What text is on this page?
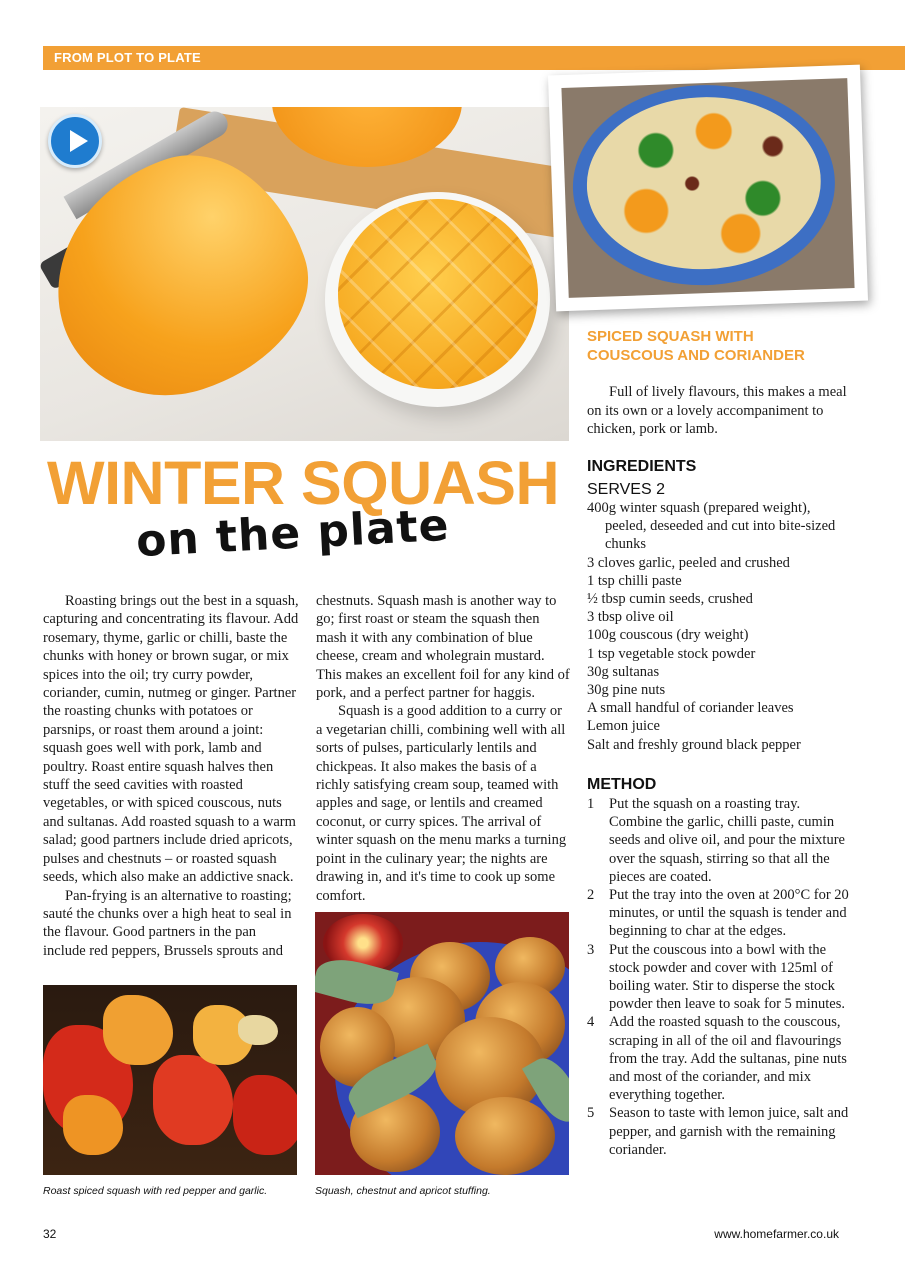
FROM PLOT TO PLATE
SPICED SQUASH WITH
COUSCOUS AND CORIANDER

Full of lively flavours, this makes a meal on its own or a lovely accompaniment to chicken, pork or lamb.

WINTER SQUASH
on the plate

Roasting brings out the best in a squash, capturing and concentrating its flavour. Add rosemary, thyme, garlic or chilli, baste the chunks with honey or brown sugar, or mix spices into the oil; try curry powder, coriander, cumin, nutmeg or ginger. Partner the roasting chunks with potatoes or parsnips, or roast them around a joint: squash goes well with pork, lamb and poultry. Roast entire squash halves then stuff the seed cavities with roasted vegetables, or with spiced couscous, nuts and sultanas. Add roasted squash to a warm salad; good partners include dried apricots, pulses and chestnuts – or roasted squash seeds, which also make an addictive snack.

Pan-frying is an alternative to roasting; sauté the chunks over a high heat to seal in the flavour. Good partners in the pan include red peppers, Brussels sprouts and

chestnuts. Squash mash is another way to go; first roast or steam the squash then mash it with any combination of blue cheese, cream and wholegrain mustard. This makes an excellent foil for any kind of pork, and a perfect partner for haggis.

Squash is a good addition to a curry or a vegetarian chilli, combining well with all sorts of pulses, particularly lentils and chickpeas. It also makes the basis of a richly satisfying cream soup, teamed with apples and sage, or lentils and creamed coconut, or curry spices. The arrival of winter squash on the menu marks a turning point in the culinary year; the nights are drawing in, and it's time to cook up some comfort.

INGREDIENTS
SERVES 2
400g winter squash (prepared weight), peeled, deseeded and cut into bite-sized chunks
3 cloves garlic, peeled and crushed
1 tsp chilli paste
½ tbsp cumin seeds, crushed
3 tbsp olive oil
100g couscous (dry weight)
1 tsp vegetable stock powder
30g sultanas
30g pine nuts
A small handful of coriander leaves
Lemon juice
Salt and freshly ground black pepper
METHOD
1 Put the squash on a roasting tray. Combine the garlic, chilli paste, cumin seeds and olive oil, and pour the mixture over the squash, stirring so that all the pieces are coated.
2 Put the tray into the oven at 200°C for 20 minutes, or until the squash is tender and beginning to char at the edges.
3 Put the couscous into a bowl with the stock powder and cover with 125ml of boiling water. Stir to disperse the stock powder then leave to soak for 5 minutes.
4 Add the roasted squash to the couscous, scraping in all of the oil and flavourings from the tray. Add the sultanas, pine nuts and most of the coriander, and mix everything together.
5 Season to taste with lemon juice, salt and pepper, and garnish with the remaining coriander.
Roast spiced squash with red pepper and garlic.	Squash, chestnut and apricot stuffing.
32	www.homefarmer.co.uk
